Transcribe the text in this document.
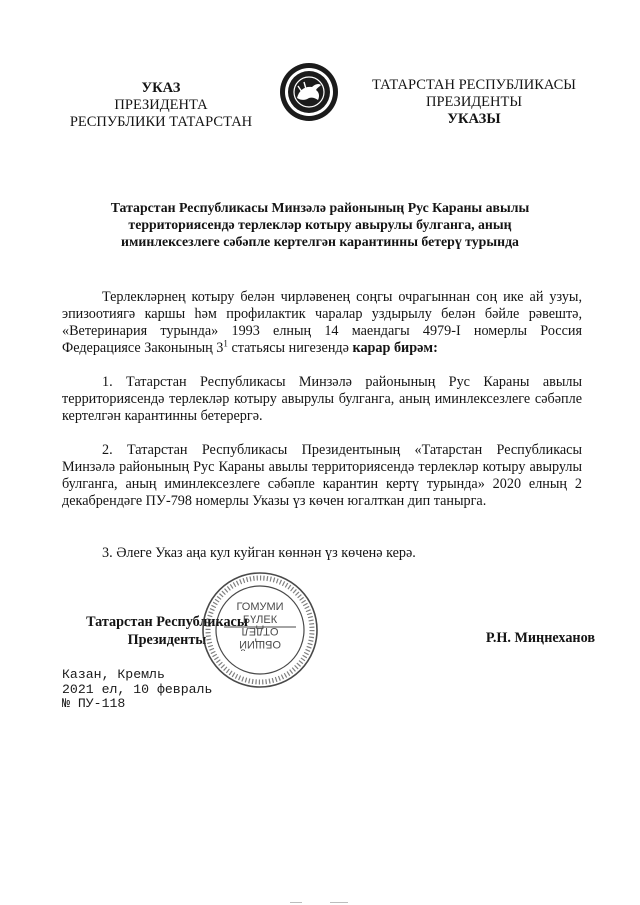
УКАЗ
ПРЕЗИДЕНТА
РЕСПУБЛИКИ ТАТАРСТАН
ТАТАРСТАН РЕСПУБЛИКАСЫ
ПРЕЗИДЕНТЫ
УКАЗЫ
Татарстан Республикасы Минзәлә районының Рус Караны авылы
территориясендә терлекләр котыру авырулы булганга, аның
иминлексезлеге сәбәпле кертелгән карантинны бетерү турында
Терлекләрнең котыру белән чирләвенең соңгы очрагыннан соң ике ай узуы, эпизоотиягә каршы һәм профилактик чаралар уздырылу белән бәйле рәвештә, «Ветеринария турында» 1993 елның 14 маендагы 4979-I номерлы Россия Федерациясе Законының $3^1$ статьясы нигезендә карар бирәм:
1. Татарстан Республикасы Минзәлә районының Рус Караны авылы территориясендә терлекләр котыру авырулы булганга, аның иминлексезлеге сәбәпле кертелгән карантинны бетерергә.
2. Татарстан Республикасы Президентының «Татарстан Республикасы Минзәлә районының Рус Караны авылы территориясендә терлекләр котыру авырулы булганга, аның иминлексезлеге сәбәпле карантин кертү турында» 2020 елның 2 декабрендәге ПУ-798 номерлы Указы үз көчен югалткан дип танырга.
3. Әлеге Указ аңа кул куйган көннән үз көченә керә.
Татарстан Республикасы
Президенты
ГОМУМИ
БҮЛЕК
ОТДЕЛ
ОБЩИЙ	Р.Н. Миңнеханов
Казан, Кремль
2021 ел, 10 февраль
№ ПУ-118
